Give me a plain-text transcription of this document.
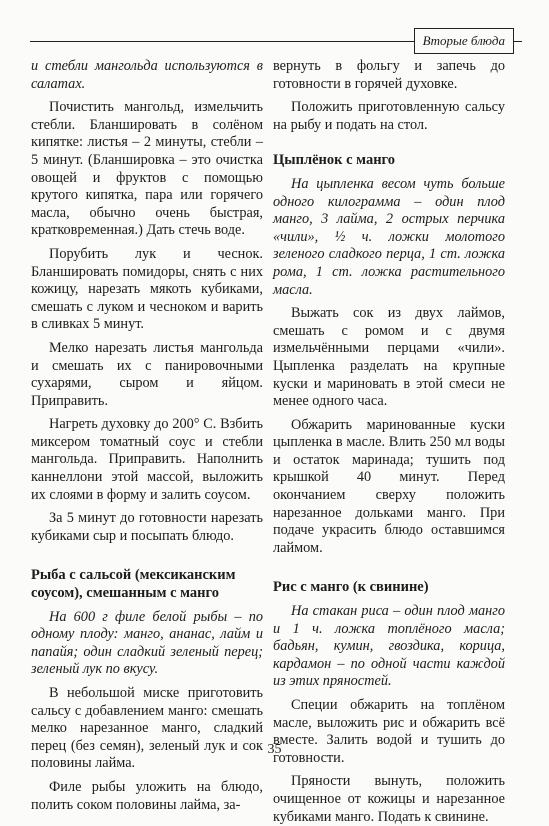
Вторые блюда

и стебли мангольда используются в салатах.

Почистить мангольд, измельчить стебли. Бланшировать в солёном кипятке: листья – 2 минуты, стебли – 5 минут. (Бланшировка – это очистка овощей и фруктов с помощью крутого кипятка, пара или горячего масла, обычно очень быстрая, кратковременная.) Дать стечь воде.

Порубить лук и чеснок. Бланшировать помидоры, снять с них кожицу, нарезать мякоть кубиками, смешать с луком и чесноком и варить в сливках 5 минут.

Мелко нарезать листья мангольда и смешать их с панировочными сухарями, сыром и яйцом. Приправить.

Нагреть духовку до 200° С. Взбить миксером томатный соус и стебли мангольда. Приправить. Наполнить каннеллони этой массой, выложить их слоями в форму и залить соусом.

За 5 минут до готовности нарезать кубиками сыр и посыпать блюдо.

Рыба с сальсой (мексиканским соусом), смешанным с манго

На 600 г филе белой рыбы – по одному плоду: манго, ананас, лайм и папайя; один сладкий зеленый перец; зеленый лук по вкусу.

В небольшой миске приготовить сальсу с добавлением манго: смешать мелко нарезанное манго, сладкий перец (без семян), зеленый лук и сок половины лайма.

Филе рыбы уложить на блюдо, полить соком половины лайма, за-

вернуть в фольгу и запечь до готовности в горячей духовке.

Положить приготовленную сальсу на рыбу и подать на стол.

Цыплёнок с манго

На цыпленка весом чуть больше одного килограмма – один плод манго, 3 лайма, 2 острых перчика «чили», ½ ч. ложки молотого зеленого сладкого перца, 1 ст. ложка рома, 1 ст. ложка растительного масла.

Выжать сок из двух лаймов, смешать с ромом и с двумя измельчёнными перцами «чили». Цыпленка разделать на крупные куски и мариновать в этой смеси не менее одного часа.

Обжарить маринованные куски цыпленка в масле. Влить 250 мл воды и остаток маринада; тушить под крышкой 40 минут. Перед окончанием сверху положить нарезанное дольками манго. При подаче украсить блюдо оставшимся лаймом.

Рис с манго (к свинине)

На стакан риса – один плод манго и 1 ч. ложка топлёного масла; бадьян, кумин, гвоздика, корица, кардамон – по одной части каждой из этих пряностей.

Специи обжарить на топлёном масле, выложить рис и обжарить всё вместе. Залить водой и тушить до готовности.

Пряности вынуть, положить очищенное от кожицы и нарезанное кубиками манго. Подать к свинине.

35
